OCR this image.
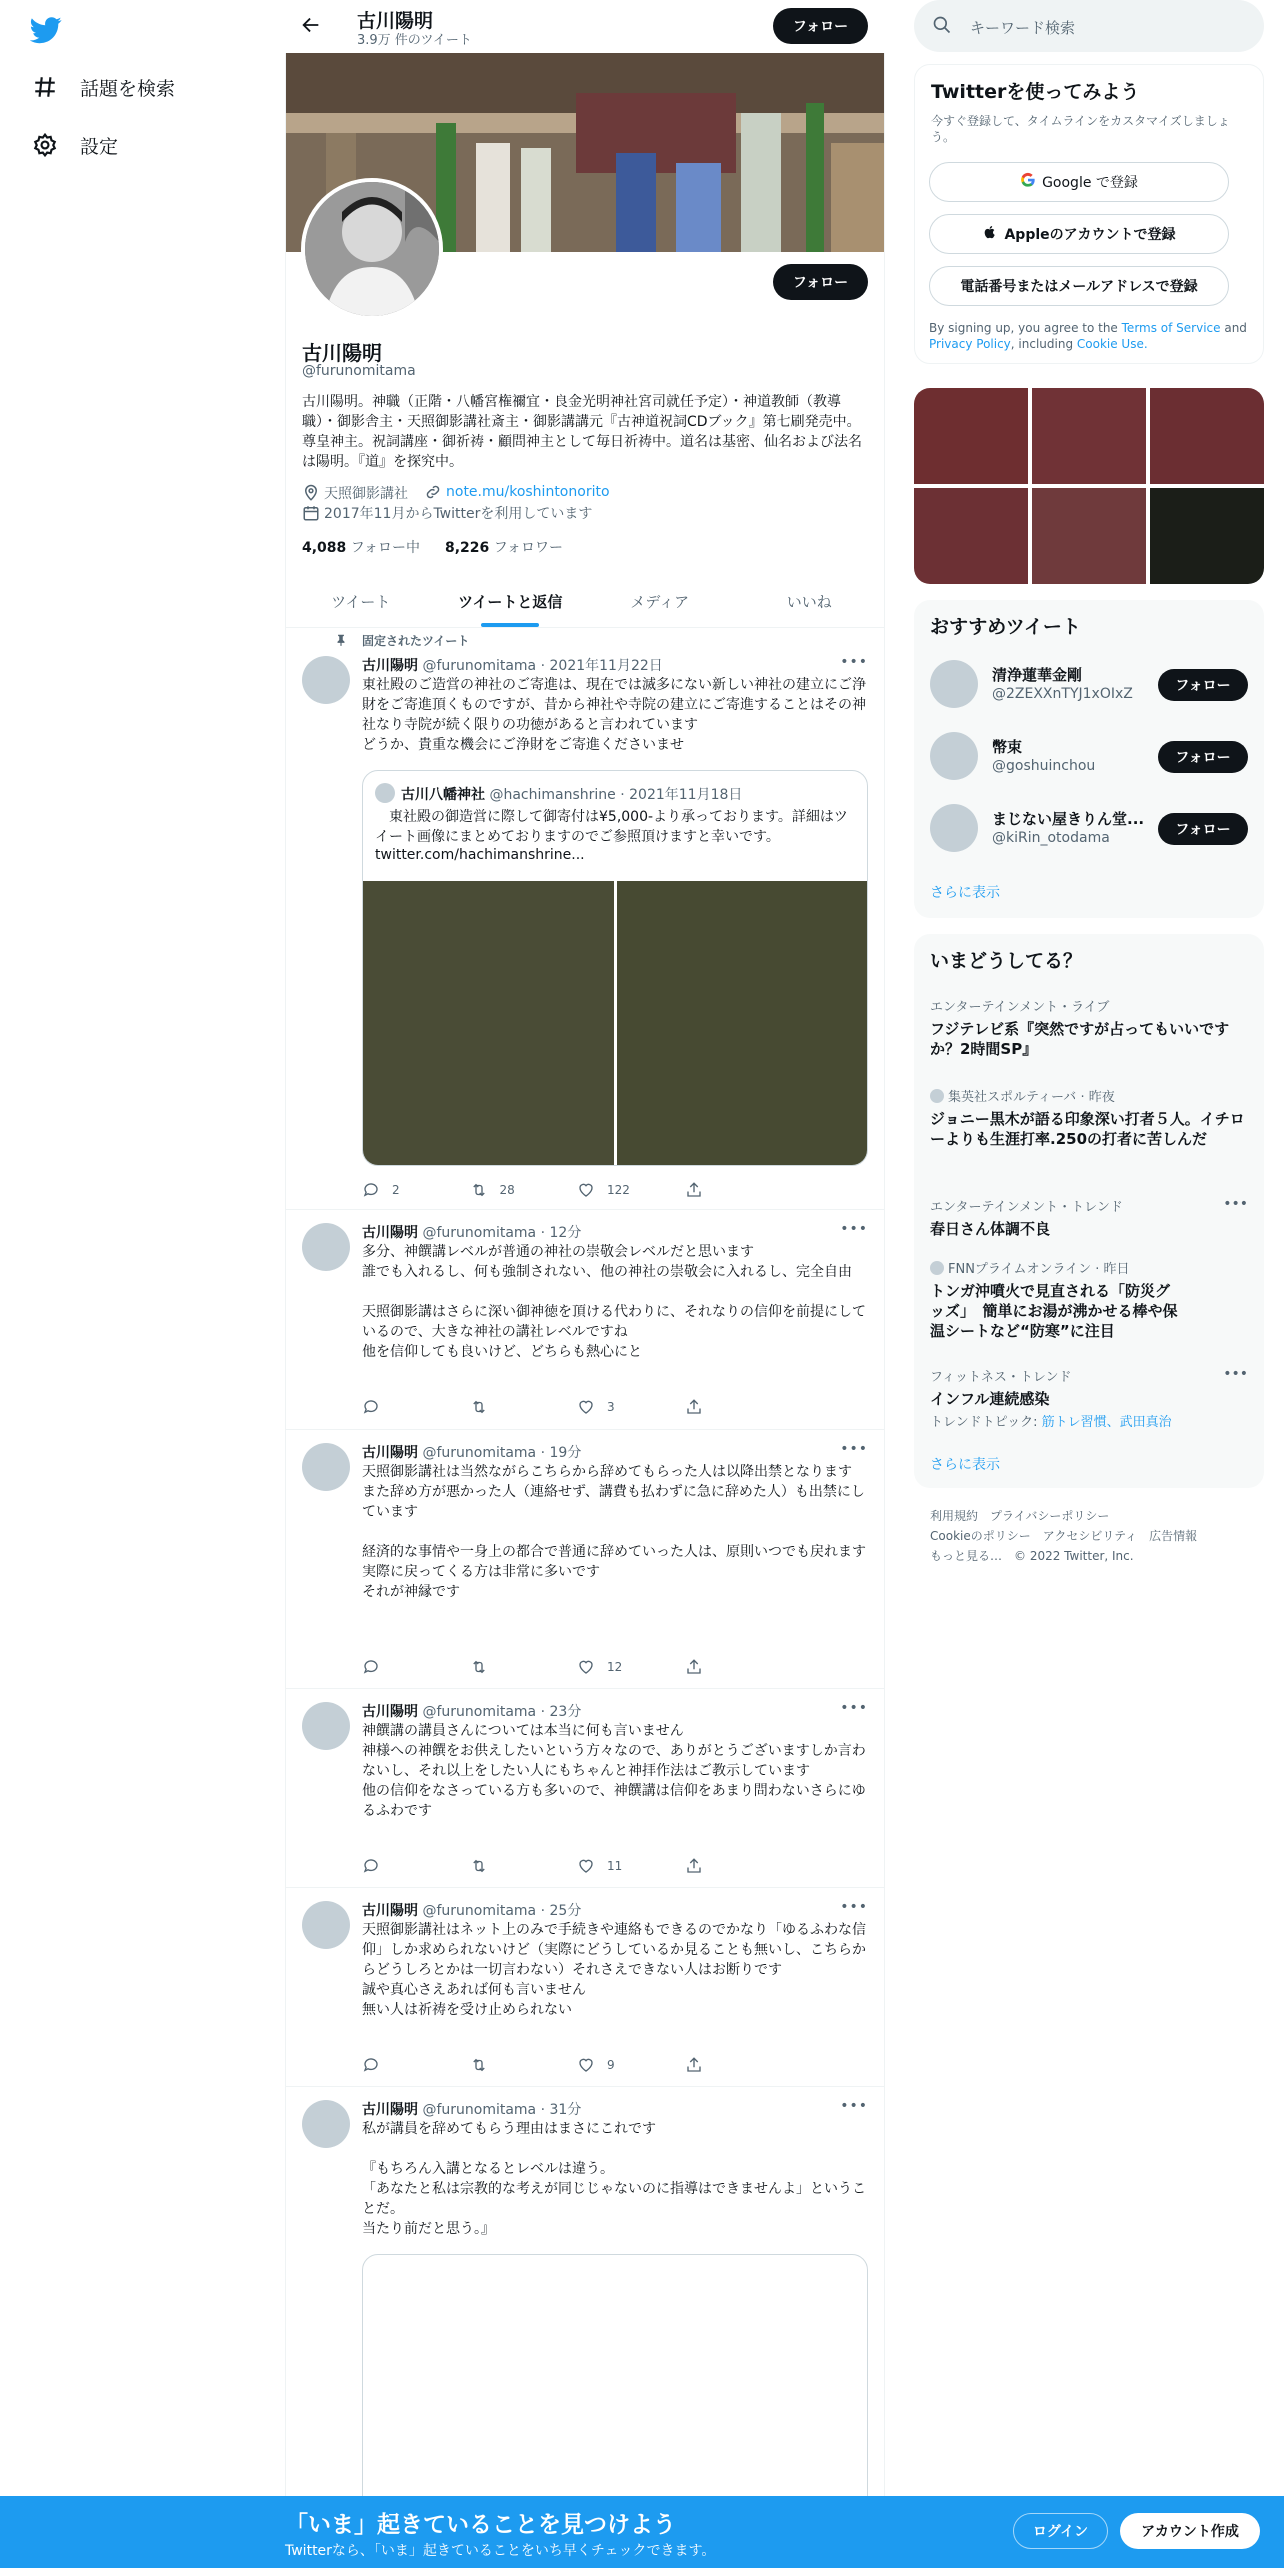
話題を検索
設定
古川陽明
3.9万 件のツイート
フォロー
フォロー
古川陽明
@furunomitama
古川陽明。神職（正階・八幡宮権禰宜・良金光明神社宮司就任予定）・神道教師（教導職）・御影舎主・天照御影講社斎主・御影講講元『古神道祝詞CDブック』第七刷発売中。尊皇神主。祝詞講座・御祈祷・顧問神主として毎日祈祷中。道名は基密、仙名および法名は陽明。『道』を探究中。
天照御影講社	note.mu/koshintonorito
2017年11月からTwitterを利用しています
4,088 フォロー中 8,226 フォロワー
ツイート	ツイートと返信	メディア	いいね
固定されたツイート
古川陽明 @furunomitama · 2021年11月22日	•••
東社殿のご造営の神社のご寄進は、現在では滅多にない新しい神社の建立にご浄財をご寄進頂くものですが、昔から神社や寺院の建立にご寄進することはその神社なり寺院が続く限りの功徳があると言われています
どうか、貴重な機会にご浄財をご寄進くださいませ
古川八幡神社 @hachimanshrine · 2021年11月18日
　東社殿の御造営に際して御寄付は¥5,000-より承っております。詳細はツイート画像にまとめておりますのでご参照頂けますと幸いです。
twitter.com/hachimanshrine...
2	28	122
古川陽明 @furunomitama · 12分	•••
多分、神饌講レベルが普通の神社の崇敬会レベルだと思います
誰でも入れるし、何も強制されない、他の神社の崇敬会に入れるし、完全自由

天照御影講はさらに深い御神徳を頂ける代わりに、それなりの信仰を前提にしているので、大きな神社の講社レベルですね
他を信仰しても良いけど、どちらも熱心にと
3
古川陽明 @furunomitama · 19分	•••
天照御影講社は当然ながらこちらから辞めてもらった人は以降出禁となります
また辞め方が悪かった人（連絡せず、講費も払わずに急に辞めた人）も出禁にしています

経済的な事情や一身上の都合で普通に辞めていった人は、原則いつでも戻れます
実際に戻ってくる方は非常に多いです
それが神縁です
12
古川陽明 @furunomitama · 23分	•••
神饌講の講員さんについては本当に何も言いません
神様への神饌をお供えしたいという方々なので、ありがとうございますしか言わないし、それ以上をしたい人にもちゃんと神拝作法はご教示しています
他の信仰をなさっている方も多いので、神饌講は信仰をあまり問わないさらにゆるふわです
11
古川陽明 @furunomitama · 25分	•••
天照御影講社はネット上のみで手続きや連絡もできるのでかなり「ゆるふわな信仰」しか求められないけど（実際にどうしているか見ることも無いし、こちらからどうしろとかは一切言わない）それさえできない人はお断りです
誠や真心さえあれば何も言いません
無い人は祈祷を受け止められない
9
古川陽明 @furunomitama · 31分	•••
私が講員を辞めてもらう理由はまさにこれです

『もちろん入講となるとレベルは違う。
「あなたと私は宗教的な考えが同じじゃないのに指導はできませんよ」ということだ。
当たり前だと思う。』
キーワード検索
Twitterを使ってみよう
今すぐ登録して、タイムラインをカスタマイズしましょう。
Google で登録
Appleのアカウントで登録
電話番号またはメールアドレスで登録
By signing up, you agree to the Terms of Service and Privacy Policy, including Cookie Use.
おすすめツイート
清浄蓮華金剛
@2ZEXXnTYJ1xOIxZ	フォロー
幣束
@goshuinchou	フォロー
まじない屋きりん堂...
@kiRin_otodama	フォロー
さらに表示
いまどうしてる？
エンターテインメント・ライブ
フジテレビ系『突然ですが占ってもいいですか？2時間SP』
集英社スポルティーバ · 昨夜
ジョニー黒木が語る印象深い打者５人。イチローよりも生涯打率.250の打者に苦しんだ
エンターテインメント・トレンド
春日さん体調不良
•••
FNNプライムオンライン · 昨日
トンガ沖噴火で見直される「防災グッズ」　簡単にお湯が沸かせる棒や保温シートなど“防寒”に注目
フィットネス・トレンド
インフル連続感染
トレンドトピック: 筋トレ習慣、武田真治
•••
さらに表示
利用規約　プライバシーポリシー
Cookieのポリシー　アクセシビリティ　広告情報
もっと見る…　© 2022 Twitter, Inc.
「いま」起きていることを見つけよう
Twitterなら、「いま」起きていることをいち早くチェックできます。
ログイン	アカウント作成
